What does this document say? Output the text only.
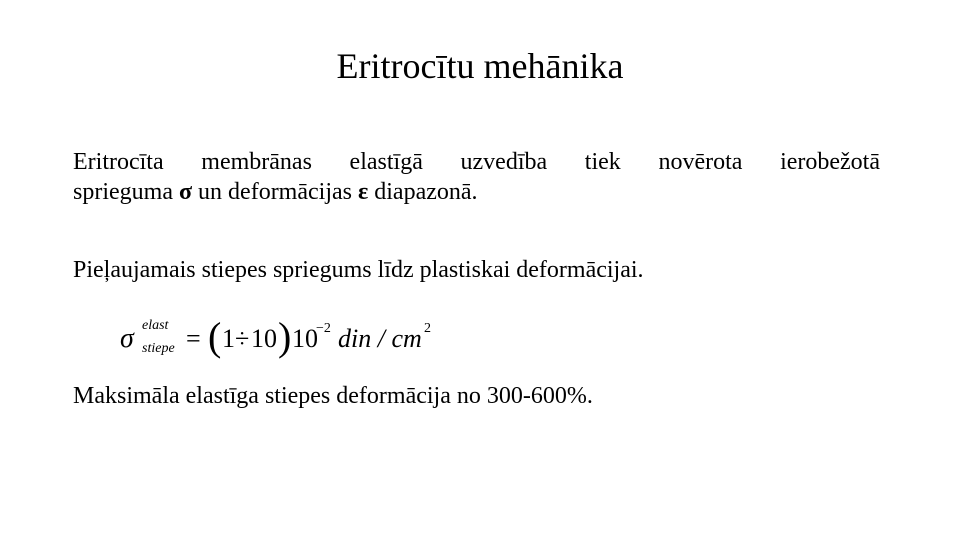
Eritrocītu mehānika
Eritrocīta membrānas elastīgā uzvedība tiek novērota ierobežotā
sprieguma σ un deformācijas ε diapazonā.
Pieļaujamais stiepes spriegums līdz plastiskai deformācijai.
σ elast
stiepe = ( 1 ÷ 10 ) 10
−2 din / cm 2
Maksimāla elastīga stiepes deformācija no 300-600%.
